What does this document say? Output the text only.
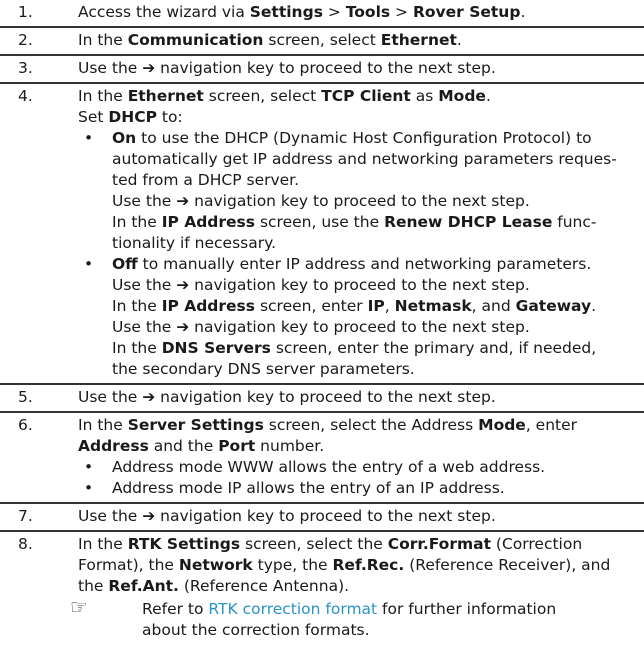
1.	Access the wizard via Settings > Tools > Rover Setup.
2.	In the Communication screen, select Ethernet.
3.	Use the ➔ navigation key to proceed to the next step.
4.	In the Ethernet screen, select TCP Client as Mode.
Set DHCP to:
• On to use the DHCP (Dynamic Host Configuration Protocol) to
automatically get IP address and networking parameters reques-
ted from a DHCP server.
Use the ➔ navigation key to proceed to the next step.
In the IP Address screen, use the Renew DHCP Lease func-
tionality if necessary.
• Off to manually enter IP address and networking parameters.
Use the ➔ navigation key to proceed to the next step.
In the IP Address screen, enter IP, Netmask, and Gateway.
Use the ➔ navigation key to proceed to the next step.
In the DNS Servers screen, enter the primary and, if needed,
the secondary DNS server parameters.
5.	Use the ➔ navigation key to proceed to the next step.
6.	In the Server Settings screen, select the Address Mode, enter
Address and the Port number.
• Address mode WWW allows the entry of a web address.
• Address mode IP allows the entry of an IP address.
7.	Use the ➔ navigation key to proceed to the next step.
8.	In the RTK Settings screen, select the Corr.Format (Correction
Format), the Network type, the Ref.Rec. (Reference Receiver), and
the Ref.Ant. (Reference Antenna).
☞	Refer to RTK correction format for further information
about the correction formats.
